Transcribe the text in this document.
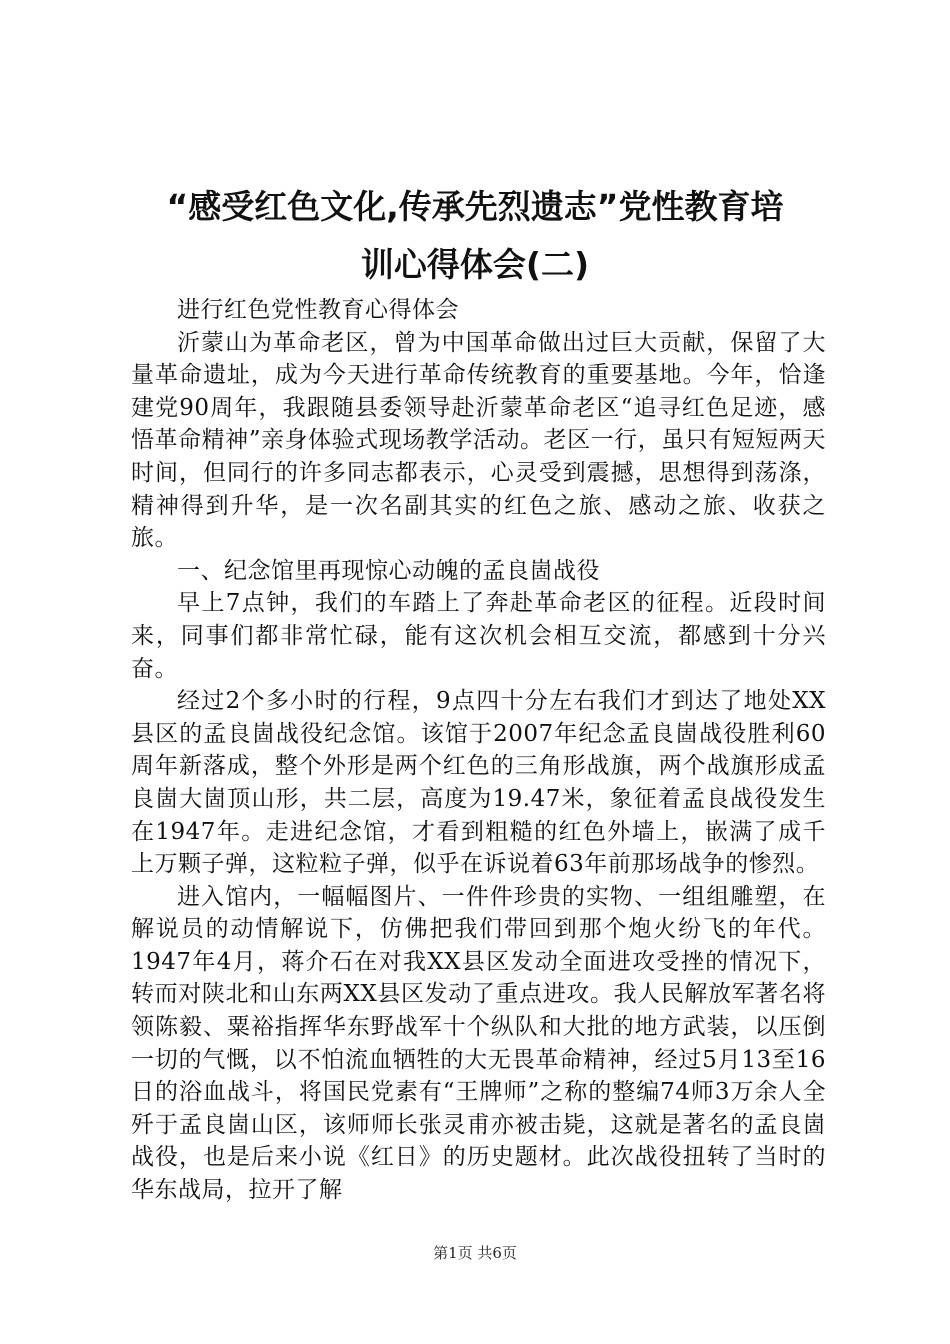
“感受红色文化,传承先烈遗志”党性教育培
训心得体会(二)

进行红色党性教育心得体会

沂蒙山为革命老区，曾为中国革命做出过巨大贡献，保留了大量革命遗址，成为今天进行革命传统教育的重要基地。今年，恰逢建党90周年，我跟随县委领导赴沂蒙革命老区“追寻红色足迹，感悟革命精神”亲身体验式现场教学活动。老区一行，虽只有短短两天时间，但同行的许多同志都表示，心灵受到震撼，思想得到荡涤，精神得到升华，是一次名副其实的红色之旅、感动之旅、收获之旅。

一、纪念馆里再现惊心动魄的孟良崮战役

早上7点钟，我们的车踏上了奔赴革命老区的征程。近段时间来，同事们都非常忙碌，能有这次机会相互交流，都感到十分兴奋。

经过2个多小时的行程，9点四十分左右我们才到达了地处XX县区的孟良崮战役纪念馆。该馆于2007年纪念孟良崮战役胜利60周年新落成，整个外形是两个红色的三角形战旗，两个战旗形成孟良崮大崮顶山形，共二层，高度为19.47米，象征着孟良战役发生在1947年。走进纪念馆，才看到粗糙的红色外墙上，嵌满了成千上万颗子弹，这粒粒子弹，似乎在诉说着63年前那场战争的惨烈。

进入馆内，一幅幅图片、一件件珍贵的实物、一组组雕塑，在解说员的动情解说下，仿佛把我们带回到那个炮火纷飞的年代。1947年4月，蒋介石在对我XX县区发动全面进攻受挫的情况下，转而对陕北和山东两XX县区发动了重点进攻。我人民解放军著名将领陈毅、粟裕指挥华东野战军十个纵队和大批的地方武装，以压倒一切的气慨，以不怕流血牺牲的大无畏革命精神，经过5月13至16日的浴血战斗，将国民党素有“王牌师”之称的整编74师3万余人全歼于孟良崮山区，该师师长张灵甫亦被击毙，这就是著名的孟良崮战役，也是后来小说《红日》的历史题材。此次战役扭转了当时的华东战局，拉开了解

第1页 共6页
